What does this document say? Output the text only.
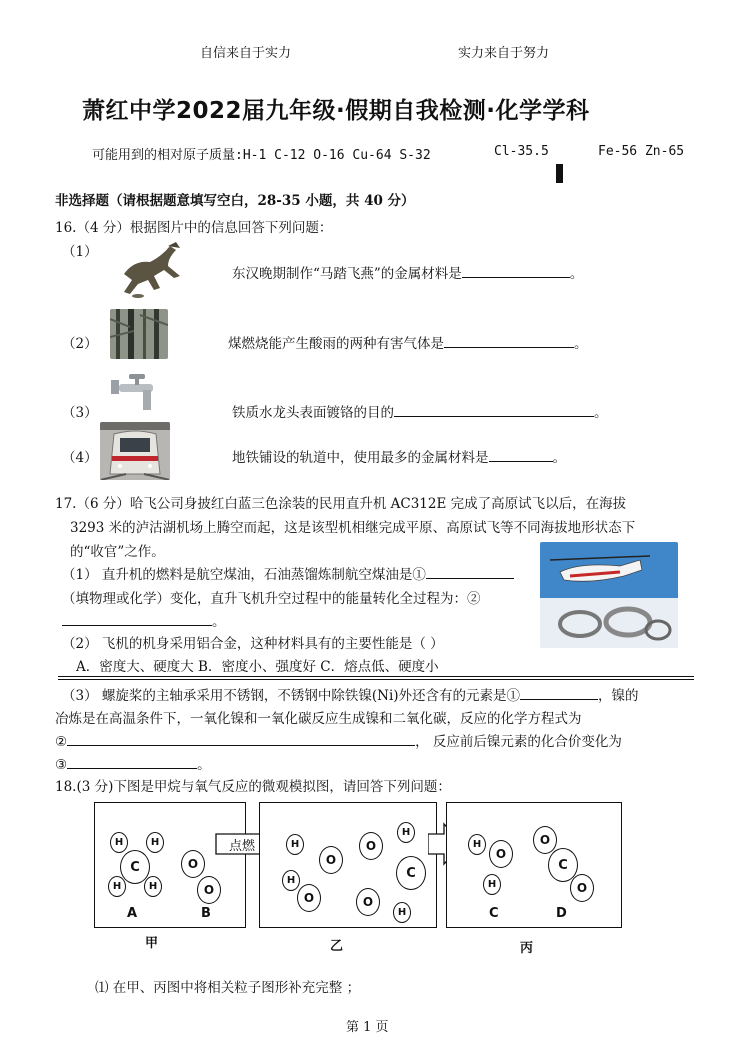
自信来自于实力	实力来自于努力
萧红中学2022届九年级·假期自我检测·化学学科
可能用到的相对原子质量:H-1 C-12 O-16 Cu-64 S-32	Cl-35.5	Fe-56 Zn-65
非选择题（请根据题意填写空白，28-35 小题，共 40 分）
16.（4 分）根据图片中的信息回答下列问题：
（1）
东汉晚期制作“马踏飞燕”的金属材料是	。
（2）	煤燃烧能产生酸雨的两种有害气体是	。
（3）	铁质水龙头表面镀铬的目的	。
（4）	地铁铺设的轨道中，使用最多的金属材料是	。
17.（6 分）哈飞公司身披红白蓝三色涂装的民用直升机 AC312E 完成了高原试飞以后，在海拔
3293 米的泸沽湖机场上腾空而起，这是该型机相继完成平原、高原试飞等不同海拔地形状态下
的“收官”之作。
（1） 直升机的燃料是航空煤油，石油蒸馏炼制航空煤油是①
（填物理或化学）变化，直升飞机升空过程中的能量转化全过程为：②
。
（2） 飞机的机身采用铝合金，这种材料具有的主要性能是（ ）
A．密度大、硬度大 B．密度小、强度好 C．熔点低、硬度小
（3） 螺旋桨的主轴承采用不锈钢，不锈钢中除铁镍(Ni)外还含有的元素是①	，镍的
冶炼是在高温条件下，一氧化镍和一氧化碳反应生成镍和二氧化碳，反应的化学方程式为
②	， 反应前后镍元素的化合价变化为
③	。
18.(3 分)下图是甲烷与氧气反应的微观模拟图，请回答下列问题：
H	H
C
H	H
O
O
A	B
点燃	H
O
O
H
C
H
O	O
H
H
O
H
O
C
O
C	D
甲	乙	丙
⑴ 在甲、丙图中将相关粒子图形补充完整 ；
第 1 页
